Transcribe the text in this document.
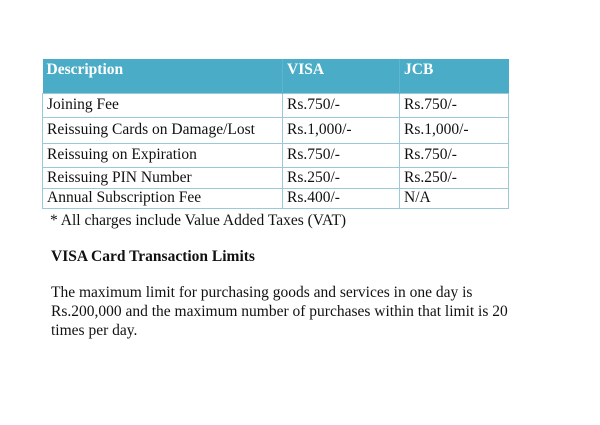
Description	VISA	JCB
Joining Fee	Rs.750/-	Rs.750/-
Reissuing Cards on Damage/Lost	Rs.1,000/-	Rs.1,000/-
Reissuing on Expiration	Rs.750/-	Rs.750/-
Reissuing PIN Number	Rs.250/-	Rs.250/-
Annual Subscription Fee	Rs.400/-	N/A
* All charges include Value Added Taxes (VAT)
VISA Card Transaction Limits
The maximum limit for purchasing goods and services in one day is Rs.200,000 and the maximum number of purchases within that limit is 20 times per day.
